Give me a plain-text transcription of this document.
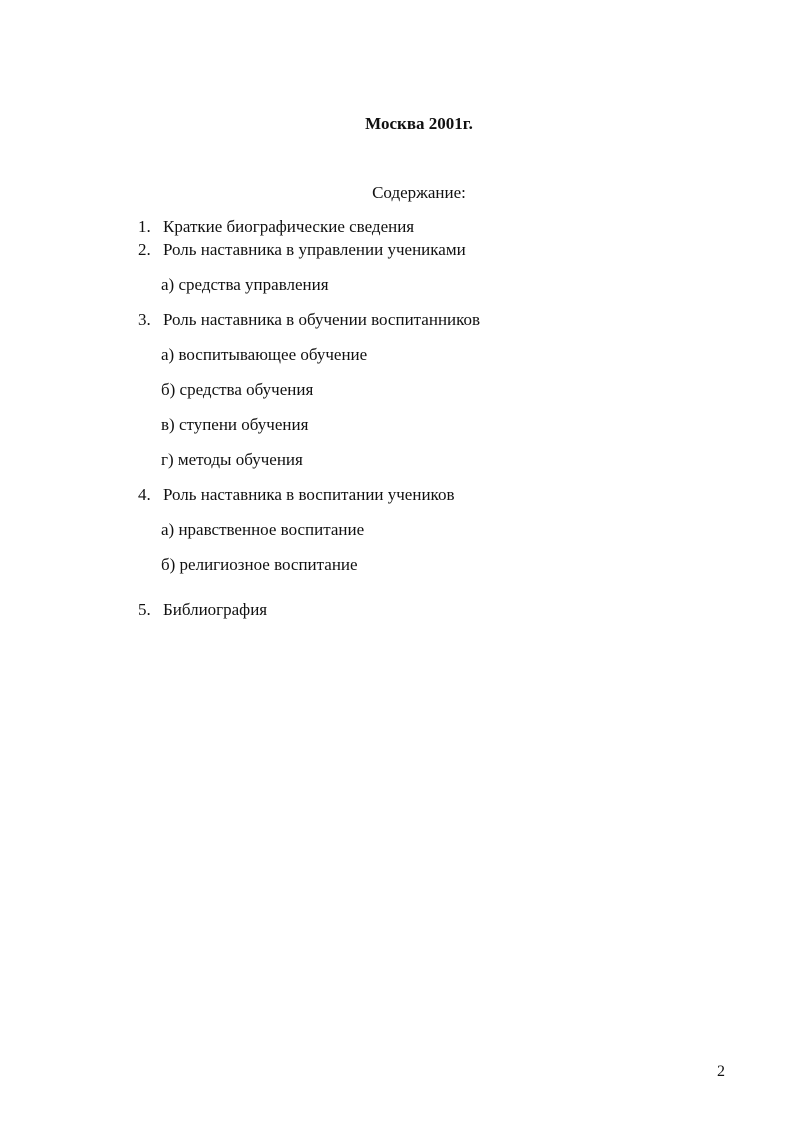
Москва 2001г.

Содержание:
1. Краткие биографические сведения
2. Роль наставника в управлении учениками
а) средства управления
3. Роль наставника в обучении воспитанников
а) воспитывающее обучение
б) средства обучения
в) ступени обучения
г) методы обучения
4. Роль наставника в воспитании учеников
а) нравственное воспитание
б) религиозное воспитание
5. Библиография
2
